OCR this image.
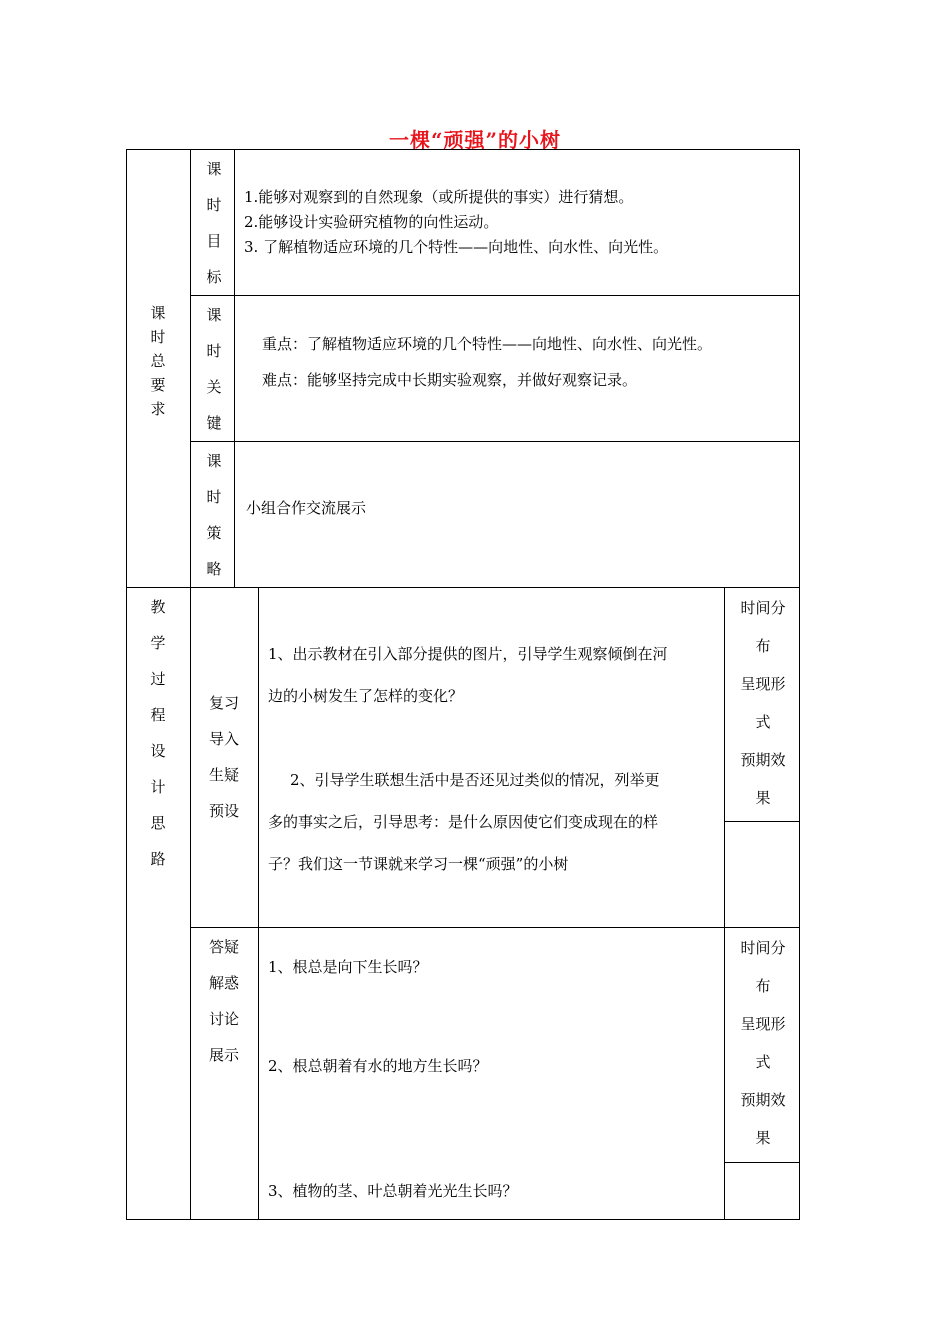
一棵“顽强”的小树
课
时
总
要
求
课
时
目
标
1.能够对观察到的自然现象（或所提供的事实）进行猜想。
2.能够设计实验研究植物的向性运动。
3. 了解植物适应环境的几个特性——向地性、向水性、向光性。
课
时
关
键
重点：了解植物适应环境的几个特性——向地性、向水性、向光性。
难点：能够坚持完成中长期实验观察，并做好观察记录。
课
时
策
略
小组合作交流展示
教
学
过
程
设
计
思
路
复习
导入
生疑
预设
1、出示教材在引入部分提供的图片，引导学生观察倾倒在河
边的小树发生了怎样的变化？
2、引导学生联想生活中是否还见过类似的情况，列举更
多的事实之后，引导思考：是什么原因使它们变成现在的样
子？我们这一节课就来学习一棵“顽强”的小树
时间分
布
呈现形
式
预期效
果
答疑
解惑
讨论
展示
1、根总是向下生长吗？
2、根总朝着有水的地方生长吗？
3、植物的茎、叶总朝着光光生长吗？
时间分
布
呈现形
式
预期效
果
